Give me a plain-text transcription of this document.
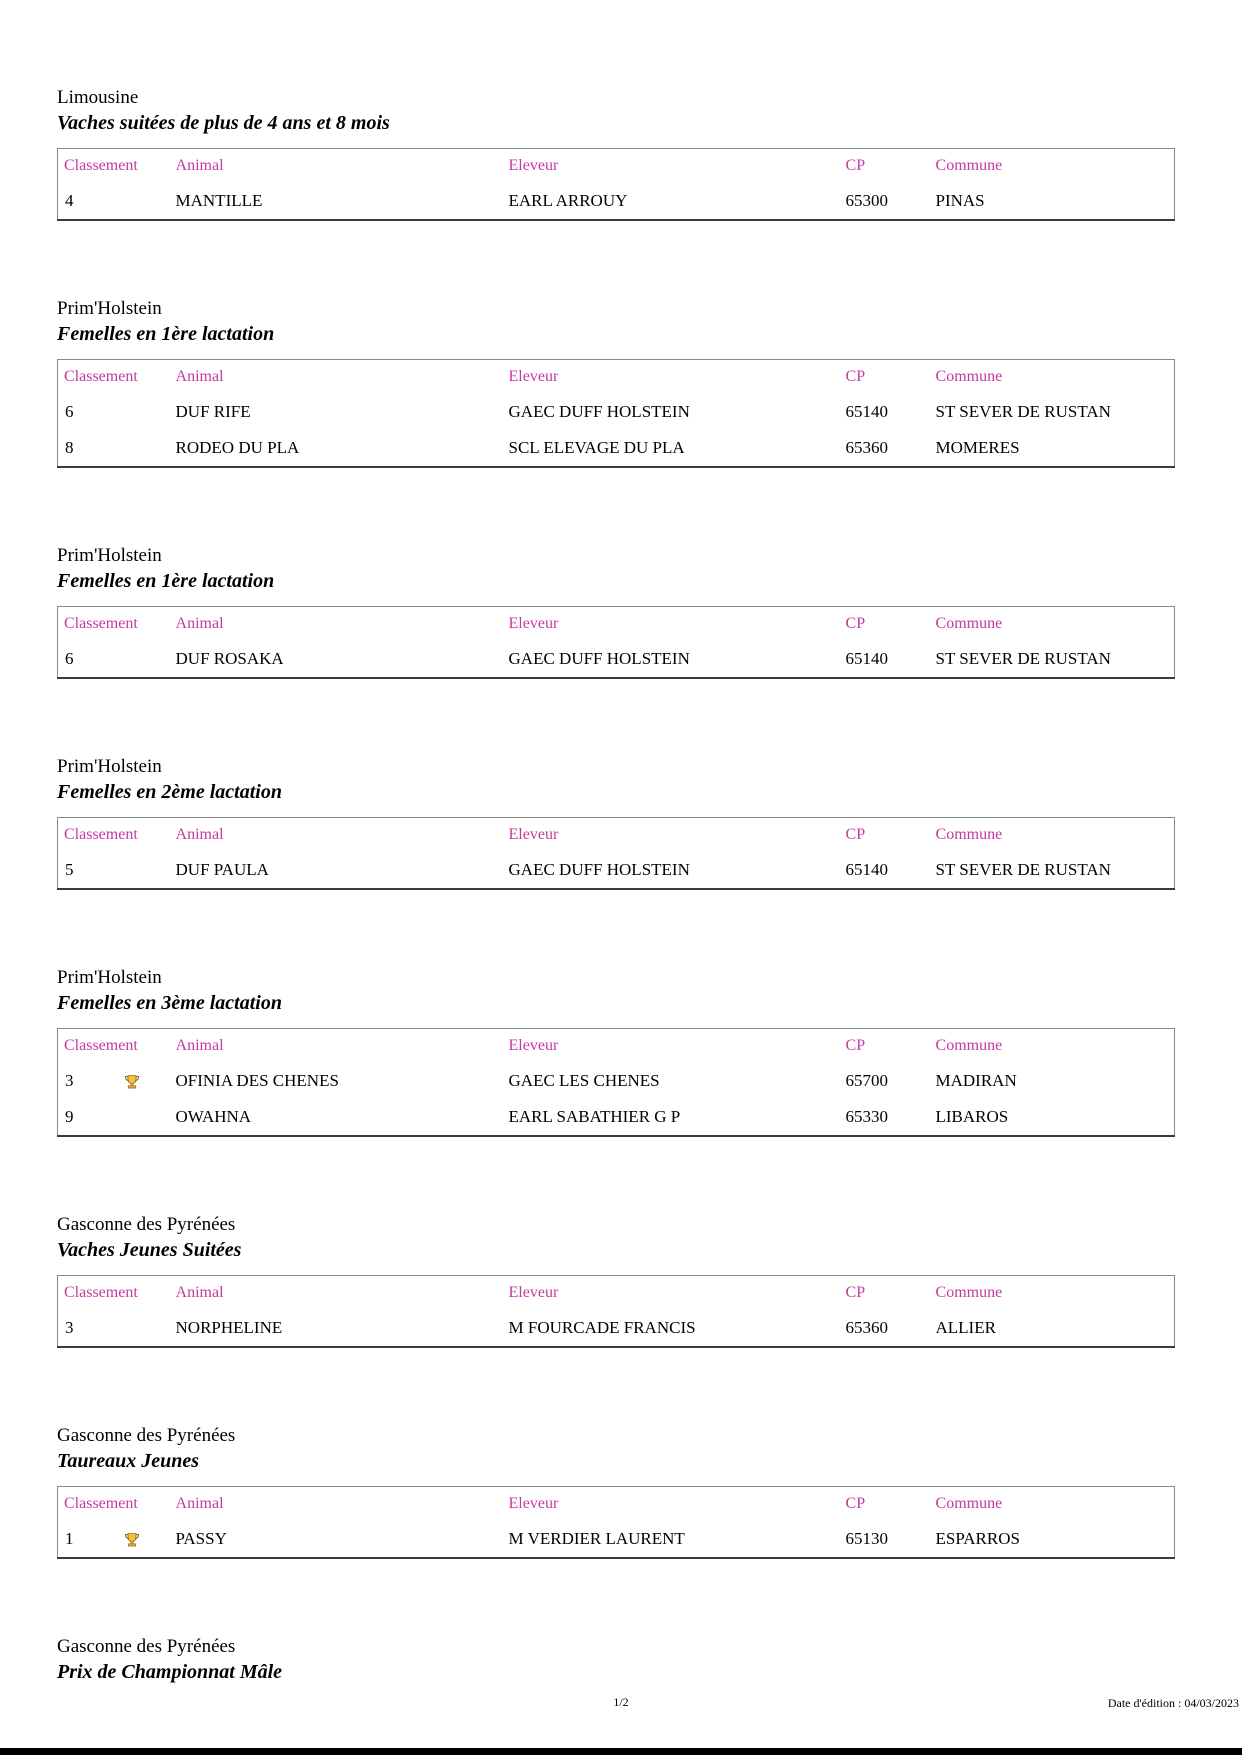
Limousine
Vaches suitées de plus de 4 ans et 8 mois
Classement		Animal	Eleveur	CP	Commune
4		MANTILLE	EARL ARROUY	65300	PINAS
Prim'Holstein
Femelles en 1ère lactation
Classement		Animal	Eleveur	CP	Commune
6		DUF RIFE	GAEC DUFF HOLSTEIN	65140	ST SEVER DE RUSTAN
8		RODEO DU PLA	SCL ELEVAGE DU PLA	65360	MOMERES
Prim'Holstein
Femelles en 1ère lactation
Classement		Animal	Eleveur	CP	Commune
6		DUF ROSAKA	GAEC DUFF HOLSTEIN	65140	ST SEVER DE RUSTAN
Prim'Holstein
Femelles en 2ème lactation
Classement		Animal	Eleveur	CP	Commune
5		DUF PAULA	GAEC DUFF HOLSTEIN	65140	ST SEVER DE RUSTAN
Prim'Holstein
Femelles en 3ème lactation
Classement		Animal	Eleveur	CP	Commune
3		OFINIA DES CHENES	GAEC LES CHENES	65700	MADIRAN
9		OWAHNA	EARL SABATHIER G P	65330	LIBAROS
Gasconne des Pyrénées
Vaches Jeunes Suitées
Classement		Animal	Eleveur	CP	Commune
3		NORPHELINE	M FOURCADE FRANCIS	65360	ALLIER
Gasconne des Pyrénées
Taureaux Jeunes
Classement		Animal	Eleveur	CP	Commune
1		PASSY	M VERDIER LAURENT	65130	ESPARROS
Gasconne des Pyrénées
Prix de Championnat Mâle
1/2	Date d'édition : 04/03/2023
